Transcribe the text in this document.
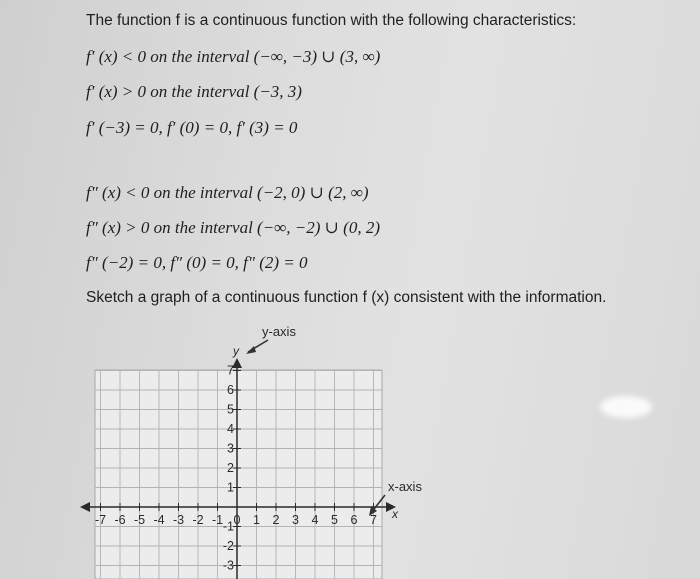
The function f is a continuous function with the following characteristics:
f′ (x) < 0 on the interval (−∞, −3) ∪ (3, ∞)
f′ (x) > 0 on the interval (−3, 3)
f′ (−3) = 0, f′ (0) = 0, f′ (3) = 0
f″ (x) < 0 on the interval (−2, 0) ∪ (2, ∞)
f″ (x) > 0 on the interval (−∞, −2) ∪ (0, 2)
f″ (−2) = 0, f″ (0) = 0, f″ (2) = 0
Sketch a graph of a continuous function f (x) consistent with the information.
-7 -6 -5 -4 -3 -2 -1 0 1 2 3 4 5 6 7
1
2
3
4
5
6
7
-1
-2
-3
y-axis
y
x-axis
x
